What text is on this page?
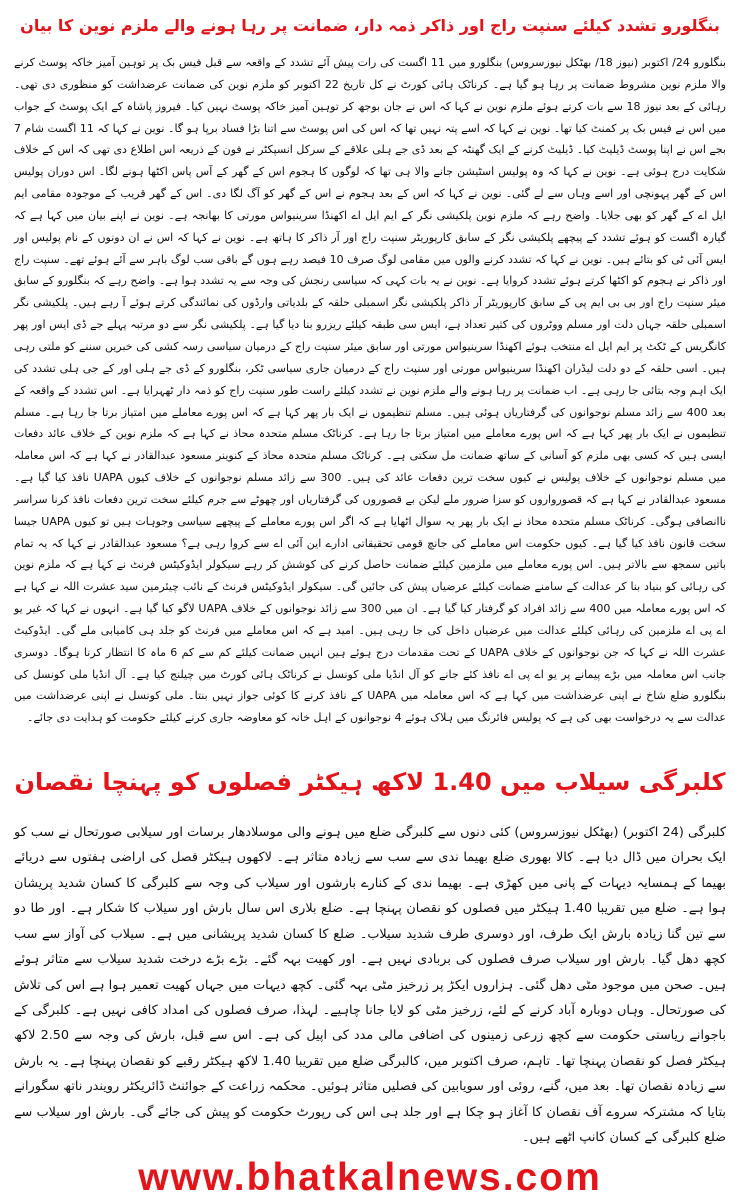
بنگلورو تشدد کیلئے سنپت راج اور ذاکر ذمہ دار، ضمانت پر رہا ہونے والے ملزم نوین کا بیان

بنگلورو 24/ اکتوبر (نیوز 18/ بھٹکل نیوزسروس) بنگلورو میں 11 اگست کی رات پیش آئے تشدد کے واقعہ سے قبل فیس بک پر توہین آمیز خاکہ پوسٹ کرنے والا ملزم نوین مشروط ضمانت پر رہا ہو گیا ہے۔ کرناٹک ہائی کورٹ نے کل تاریخ 22 اکتوبر کو ملزم نوین کی ضمانت عرضداشت کو منظوری دی تھی۔ رہائی کے بعد نیوز 18 سے بات کرتے ہوئے ملزم نوین نے کہا کہ اس نے جان بوجھ کر توہین آمیز خاکہ پوسٹ نہیں کیا۔ فیروز پاشاہ کے ایک پوسٹ کے جواب میں اس نے فیس بک پر کمنٹ کیا تھا۔ نوین نے کہا کہ اسے پتہ نہیں تھا کہ اس کی اس پوسٹ سے اتنا بڑا فساد برپا ہو گا۔ نوین نے کہا کہ 11 اگست شام 7 بجے اس نے اپنا پوسٹ ڈیلیٹ کیا۔ ڈیلیٹ کرنے کے ایک گھنٹہ کے بعد ڈی جے ہلی علاقے کے سرکل انسپکٹر نے فون کے ذریعہ اس اطلاع دی تھی کہ اس کے خلاف شکایت درج ہوئی ہے۔ نوین نے کہا کہ وہ پولیس اسٹیشن جانے والا ہی تھا کہ لوگوں کا ہجوم اس کے گھر کے آس پاس اکٹھا ہونے لگا۔ اس دوران پولیس اس کے گھر پہونچی اور اسے وہاں سے لے گئی۔ نوین نے کہا کہ اس کے بعد ہجوم نے اس کے گھر کو آگ لگا دی۔ اس کے گھر قریب کے موجودہ مقامی ایم ایل اے کے گھر کو بھی جلایا۔ واضح رہے کہ ملزم نوین پلکیشی نگر کے ایم ایل اے اکھنڈا سرینیواس مورتی کا بھانجہ ہے۔ نوین نے اپنے بیان میں کہا ہے کہ گیارہ اگست کو ہوئے تشدد کے پیچھے پلکیشی نگر کے سابق کارپوریٹر سنپت راج اور آر ذاکر کا ہاتھ ہے۔ نوین نے کہا کہ اس نے ان دونوں کے نام پولیس اور ایس آئی ٹی کو بتائے ہیں۔ نوین نے کہا کہ تشدد کرنے والوں میں مقامی لوگ صرف 10 فیصد رہے ہوں گے باقی سب لوگ باہر سے آئے ہوئے تھے۔ سنپت راج اور ذاکر نے ہجوم کو اکٹھا کرتے ہوئے تشدد کروایا ہے۔ نوین نے یہ بات کہی کہ سیاسی رنجش کی وجہ سے یہ تشدد ہوا ہے۔ واضح رہے کہ بنگلورو کے سابق میئر سنپت راج اور بی بی ایم پی کے سابق کارپوریٹر آر ذاکر پلکیشی نگر اسمبلی حلقہ کے بلدیاتی وارڈوں کی نمائندگی کرتے ہوئے آ رہے ہیں۔ پلکیشی نگر اسمبلی حلقہ جہاں دلت اور مسلم ووٹروں کی کثیر تعداد ہے، ایس سی طبقہ کیلئے ریزرو بنا دیا گیا ہے۔ پلکیشی نگر سے دو مرتبہ پہلے جے ڈی ایس اور پھر کانگریس کے ٹکٹ پر ایم ایل اے منتخب ہوئے اکھنڈا سرینیواس مورتی اور سابق میئر سنپت راج کے درمیان سیاسی رسہ کشی کی خبریں سننے کو ملتی رہی ہیں۔ اسی حلقہ کے دو دلت لیڈران اکھنڈا سرینیواس مورتی اور سنپت راج کے درمیان جاری سیاسی ٹکر، بنگلورو کے ڈی جے ہلی اور کے جی ہلی تشدد کی ایک اہم وجہ بتائی جا رہی ہے۔ اب ضمانت پر رہا ہونے والے ملزم نوین نے تشدد کیلئے راست طور سنپت راج کو ذمہ دار ٹھہرایا ہے۔ اس تشدد کے واقعہ کے بعد 400 سے زائد مسلم نوجوانوں کی گرفتاریاں ہوئی ہیں۔ مسلم تنظیموں نے ایک بار پھر کہا ہے کہ اس پورے معاملے میں امتیاز برتا جا رہا ہے۔ مسلم تنظیموں نے ایک بار پھر کہا ہے کہ اس پورے معاملے میں امتیاز برتا جا رہا ہے۔ کرناٹک مسلم متحدہ محاذ نے کہا ہے کہ ملزم نوین کے خلاف عائد دفعات ایسی ہیں کہ کسی بھی ملزم کو آسانی کے ساتھ ضمانت مل سکتی ہے۔ کرناٹک مسلم متحدہ محاذ کے کنوینر مسعود عبدالقادر نے کہا ہے کہ اس معاملہ میں مسلم نوجوانوں کے خلاف پولیس نے کیوں سخت ترین دفعات عائد کی ہیں۔ 300 سے زائد مسلم نوجوانوں کے خلاف کیوں UAPA نافذ کیا گیا ہے۔ مسعود عبدالقادر نے کہا ہے کہ قصورواروں کو سزا ضرور ملے لیکن بے قصوروں کی گرفتاریاں اور چھوٹے سے جرم کیلئے سخت ترین دفعات نافذ کرنا سراسر ناانصافی ہوگی۔ کرناٹک مسلم متحدہ محاذ نے ایک بار پھر یہ سوال اٹھایا ہے کہ اگر اس پورے معاملے کے پیچھے سیاسی وجوہات ہیں تو کیوں UAPA جیسا سخت قانون نافذ کیا گیا ہے۔ کیوں حکومت اس معاملے کی جانچ قومی تحقیقاتی ادارے این آئی اے سے کروا رہی ہے؟ مسعود عبدالقادر نے کہا کہ یہ تمام باتیں سمجھ سے بالاتر ہیں۔ اس پورے معاملے میں ملزمین کیلئے ضمانت حاصل کرنے کی کوشش کر رہے سیکولر ایڈوکیٹس فرنٹ نے کہا ہے کہ ملزم نوین کی رہائی کو بنیاد بنا کر عدالت کے سامنے ضمانت کیلئے عرضیاں پیش کی جائیں گی۔ سیکولر ایڈوکیٹس فرنٹ کے نائب چیئرمین سید عشرت اللہ نے کہا ہے کہ اس پورے معاملہ میں 400 سے زائد افراد کو گرفتار کیا گیا ہے۔ ان میں 300 سے زائد نوجوانوں کے خلاف UAPA لاگو کیا گیا ہے۔ انہوں نے کہا کہ غیر یو اے پی اے ملزمین کی رہائی کیلئے عدالت میں عرضیاں داخل کی جا رہی ہیں۔ امید ہے کہ اس معاملے میں فرنٹ کو جلد ہی کامیابی ملے گی۔ ایڈوکیٹ عشرت اللہ نے کہا کہ جن نوجوانوں کے خلاف UAPA کے تحت مقدمات درج ہوئے ہیں انہیں ضمانت کیلئے کم سے کم 6 ماہ کا انتظار کرنا ہوگا۔ دوسری جانب اس معاملہ میں بڑے پیمانے پر یو اے پی اے نافذ کئے جانے کو آل انڈیا ملی کونسل نے کرناٹک ہائی کورٹ میں چیلنج کیا ہے۔ آل انڈیا ملی کونسل کی بنگلورو ضلع شاخ نے اپنی عرضداشت میں کہا ہے کہ اس معاملہ میں UAPA کے نافذ کرنے کا کوئی جواز نہیں بنتا۔ ملی کونسل نے اپنی عرضداشت میں عدالت سے یہ درخواست بھی کی ہے کہ پولیس فائرنگ میں ہلاک ہوئے 4 نوجوانوں کے اہل خانہ کو معاوضہ جاری کرنے کیلئے حکومت کو ہدایت دی جائے۔

کلبرگی سیلاب میں 1.40 لاکھ ہیکٹر فصلوں کو پہنچا نقصان

کلبرگی (24 اکتوبر) (بھٹکل نیوزسروس) کئی دنوں سے کلبرگی ضلع میں ہونے والی موسلادھار برسات اور سیلابی صورتحال نے سب کو ایک بحران میں ڈال دیا ہے۔ کالا بھوری ضلع بھیما ندی سے سب سے زیادہ متاثر ہے۔ لاکھوں ہیکٹر فصل کی اراضی ہفتوں سے دریائے بھیما کے ہمسایہ دیہات کے پانی میں کھڑی ہے۔ بھیما ندی کے کنارے بارشوں اور سیلاب کی وجہ سے کلبرگی کا کسان شدید پریشان ہوا ہے۔ ضلع میں تقریبا 1.40 ہیکٹر میں فصلوں کو نقصان پہنچا ہے۔ ضلع بلاری اس سال بارش اور سیلاب کا شکار ہے۔ اور طا دو سے تین گنا زیادہ بارش ایک طرف، اور دوسری طرف شدید سیلاب۔ ضلع کا کسان شدید پریشانی میں ہے۔ سیلاب کی آواز سے سب کچھ دھل گیا۔ بارش اور سیلاب صرف فصلوں کی بربادی نہیں ہے۔ اور کھیت بہہ گئے۔ بڑے بڑے درخت شدید سیلاب سے متاثر ہوئے ہیں۔ صحن میں موجود مٹی دھل گئی۔ ہزاروں ایکڑ پر زرخیز مٹی بہہ گئی۔ کچھ دیہات میں جہاں کھیت تعمیر ہوا ہے اس کی تلاش کی صورتحال۔ وہاں دوبارہ آباد کرنے کے لئے، زرخیز مٹی کو لایا جانا چاہیے۔ لہذا، صرف فصلوں کی امداد کافی نہیں ہے۔ کلبرگی کے باجوانے ریاستی حکومت سے کچھ زرعی زمینوں کی اضافی مالی مدد کی اپیل کی ہے۔ اس سے قبل، بارش کی وجہ سے 2.50 لاکھ ہیکٹر فصل کو نقصان پہنچا تھا۔ تاہم، صرف اکتوبر میں، کالبرگی ضلع میں تقریبا 1.40 لاکھ ہیکٹر رقبے کو نقصان پہنچا ہے۔ یہ بارش سے زیادہ نقصان تھا۔ بعد میں، گنے، روئی اور سویابین کی فصلیں متاثر ہوئیں۔ محکمہ زراعت کے جوائنٹ ڈائریکٹر رویندر ناتھ سگورانے بتایا کہ مشترکہ سروے آف نقصان کا آغاز ہو چکا ہے اور جلد ہی اس کی رپورٹ حکومت کو پیش کی جائے گی۔ بارش اور سیلاب سے ضلع کلبرگی کے کسان کانپ اٹھے ہیں۔

www.bhatkalnews.com
